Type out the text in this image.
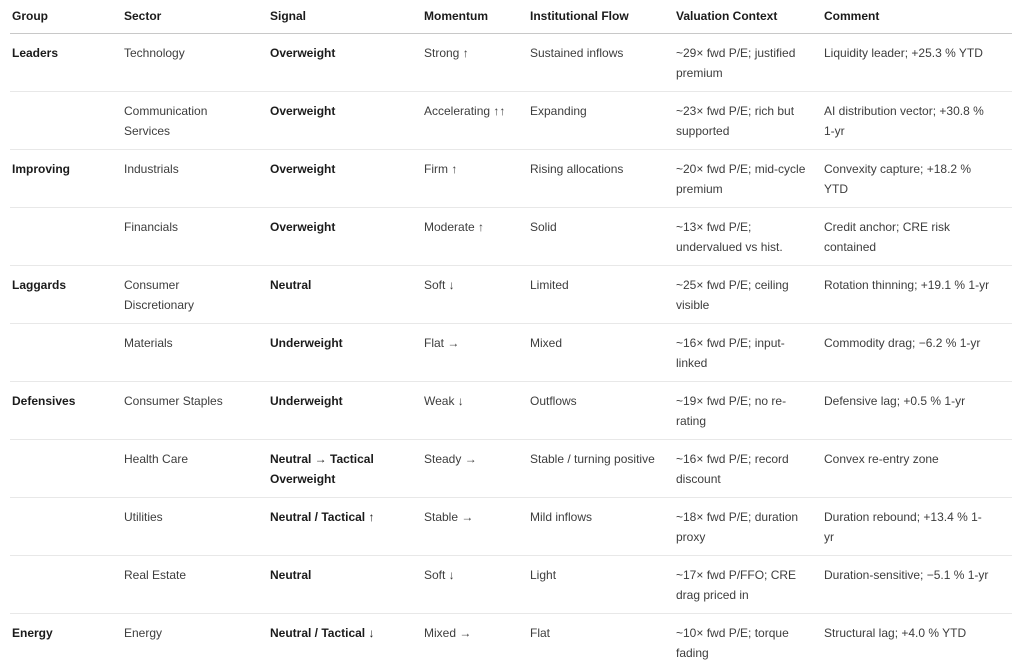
Group	Sector	Signal	Momentum	Institutional Flow	Valuation Context	Comment
Leaders	Technology	Overweight	Strong ↑	Sustained inflows	~29× fwd P/E; justified premium	Liquidity leader; +25.3 % YTD
	Communication Services	Overweight	Accelerating ↑↑	Expanding	~23× fwd P/E; rich but supported	AI distribution vector; +30.8 % 1-yr
Improving	Industrials	Overweight	Firm ↑	Rising allocations	~20× fwd P/E; mid-cycle premium	Convexity capture; +18.2 % YTD
	Financials	Overweight	Moderate ↑	Solid	~13× fwd P/E; undervalued vs hist.	Credit anchor; CRE risk contained
Laggards	Consumer Discretionary	Neutral	Soft ↓	Limited	~25× fwd P/E; ceiling visible	Rotation thinning; +19.1 % 1-yr
	Materials	Underweight	Flat →	Mixed	~16× fwd P/E; input-linked	Commodity drag; −6.2 % 1-yr
Defensives	Consumer Staples	Underweight	Weak ↓	Outflows	~19× fwd P/E; no re-rating	Defensive lag; +0.5 % 1-yr
	Health Care	Neutral → Tactical Overweight	Steady →	Stable / turning positive	~16× fwd P/E; record discount	Convex re-entry zone
	Utilities	Neutral / Tactical ↑	Stable →	Mild inflows	~18× fwd P/E; duration proxy	Duration rebound; +13.4 % 1-yr
	Real Estate	Neutral	Soft ↓	Light	~17× fwd P/FFO; CRE drag priced in	Duration-sensitive; −5.1 % 1-yr
Energy	Energy	Neutral / Tactical ↓	Mixed →	Flat	~10× fwd P/E; torque fading	Structural lag; +4.0 % YTD
